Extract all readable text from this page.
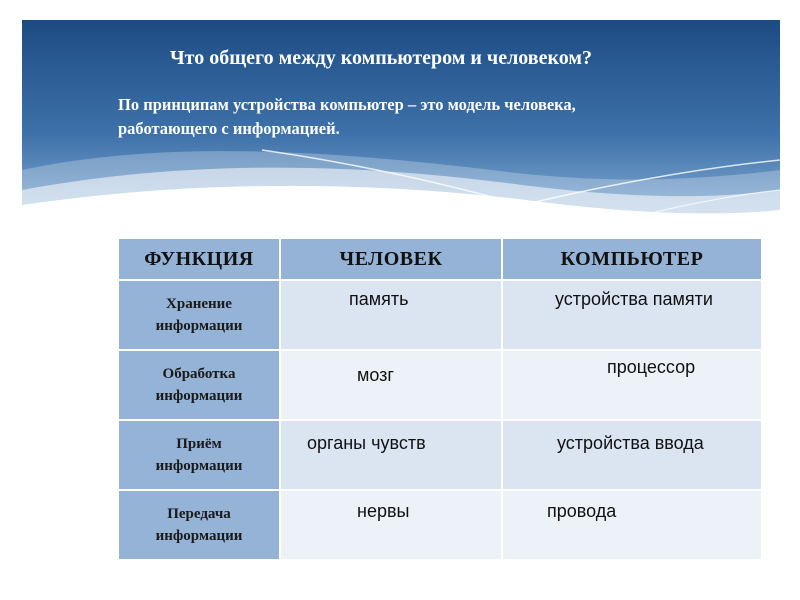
Что общего между компьютером и человеком?
По принципам устройства компьютер – это модель человека,
работающего с информацией.
ФУНКЦИЯ	ЧЕЛОВЕК	КОМПЬЮТЕР

Хранение
информации	память	устройства памяти

Обработка
информации	мозг	процессор

Приём
информации	органы чувств	устройства ввода

Передача
информации	нервы	провода
